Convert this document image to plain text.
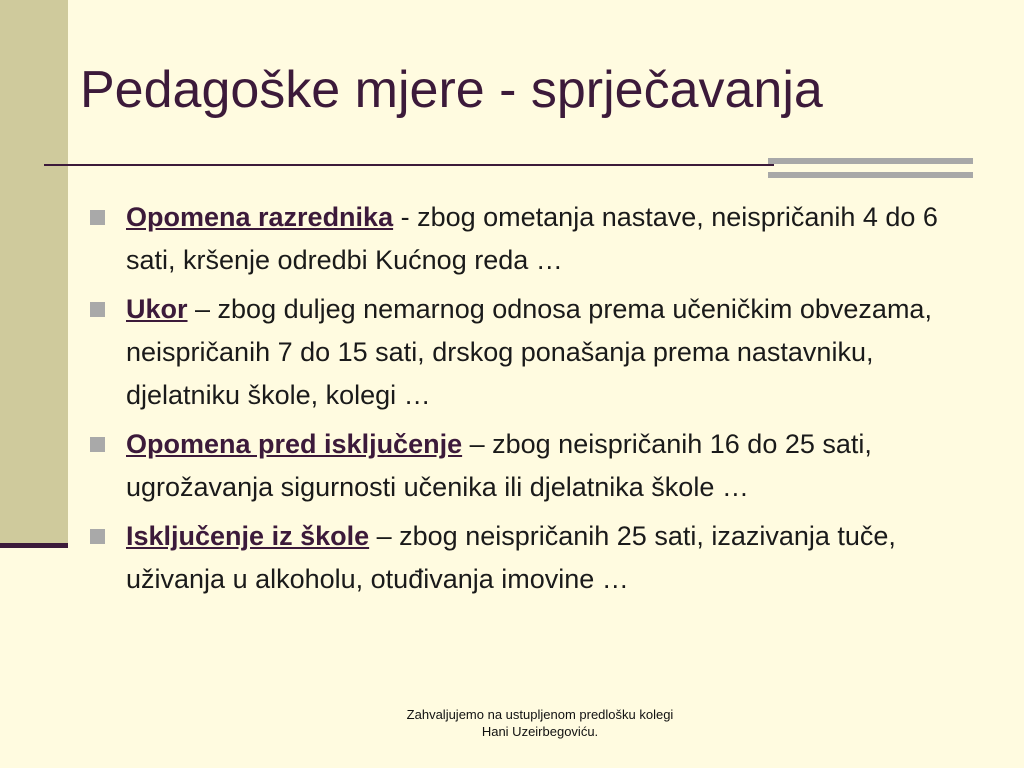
Pedagoške mjere - sprječavanja
Opomena razrednika - zbog ometanja nastave, neispričanih 4 do 6 sati, kršenje odredbi Kućnog reda …
Ukor – zbog duljeg nemarnog odnosa prema učeničkim obvezama, neispričanih 7 do 15 sati, drskog ponašanja prema nastavniku, djelatniku škole, kolegi …
Opomena pred isključenje – zbog neispričanih 16 do 25 sati, ugrožavanja sigurnosti učenika ili djelatnika škole …
Isključenje iz škole – zbog neispričanih 25 sati, izazivanja tuče, uživanja u alkoholu, otuđivanja imovine …
Zahvaljujemo na ustupljenom predlošku kolegi
Hani Uzeirbegoviću.
